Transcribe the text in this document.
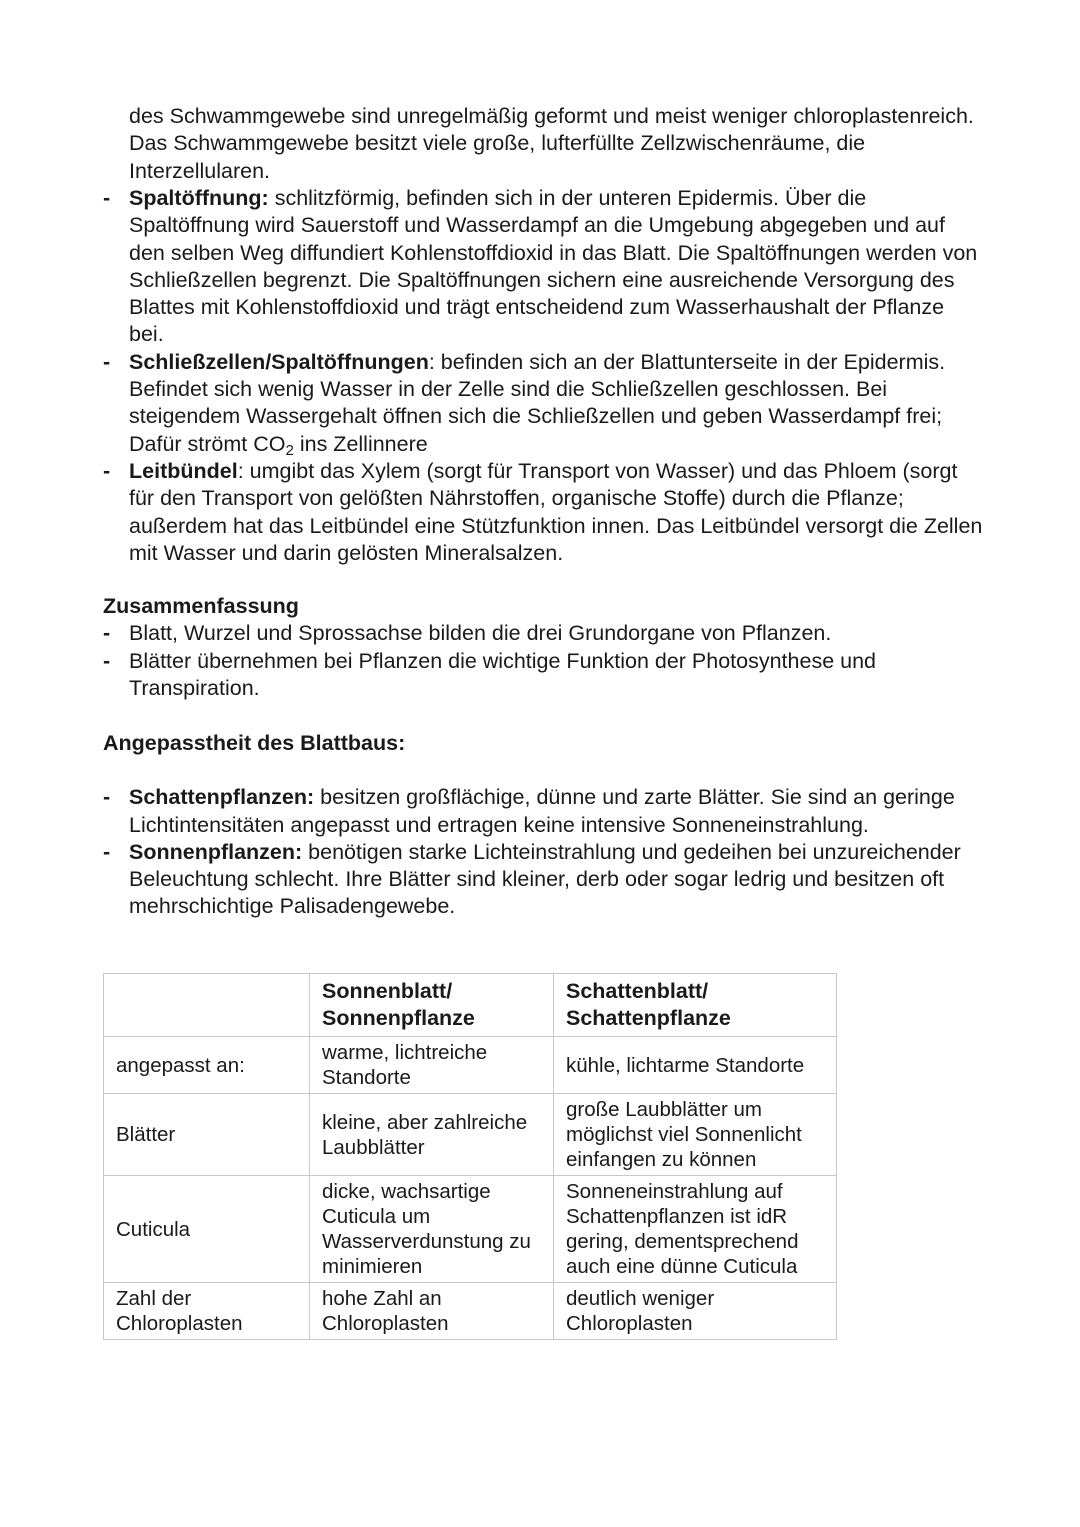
des Schwammgewebe sind unregelmäßig geformt und meist weniger chloroplastenreich. Das Schwammgewebe besitzt viele große, lufterfüllte Zellzwischenräume, die Interzellularen.
- Spaltöffnung: schlitzförmig, befinden sich in der unteren Epidermis. Über die Spaltöffnung wird Sauerstoff und Wasserdampf an die Umgebung abgegeben und auf den selben Weg diffundiert Kohlenstoffdioxid in das Blatt. Die Spaltöffnungen werden von Schließzellen begrenzt. Die Spaltöffnungen sichern eine ausreichende Versorgung des Blattes mit Kohlenstoffdioxid und trägt entscheidend zum Wasserhaushalt der Pflanze bei.
- Schließzellen/Spaltöffnungen: befinden sich an der Blattunterseite in der Epidermis. Befindet sich wenig Wasser in der Zelle sind die Schließzellen geschlossen. Bei steigendem Wassergehalt öffnen sich die Schließzellen und geben Wasserdampf frei; Dafür strömt $CO_2$ ins Zellinnere
- Leitbündel: umgibt das Xylem (sorgt für Transport von Wasser) und das Phloem (sorgt für den Transport von gelößten Nährstoffen, organische Stoffe) durch die Pflanze; außerdem hat das Leitbündel eine Stützfunktion innen. Das Leitbündel versorgt die Zellen mit Wasser und darin gelösten Mineralsalzen.
Zusammenfassung
- Blatt, Wurzel und Sprossachse bilden die drei Grundorgane von Pflanzen.
- Blätter übernehmen bei Pflanzen die wichtige Funktion der Photosynthese und Transpiration.
Angepasstheit des Blattbaus:
- Schattenpflanzen: besitzen großflächige, dünne und zarte Blätter. Sie sind an geringe Lichtintensitäten angepasst und ertragen keine intensive Sonneneinstrahlung.
- Sonnenpflanzen: benötigen starke Lichteinstrahlung und gedeihen bei unzureichender Beleuchtung schlecht. Ihre Blätter sind kleiner, derb oder sogar ledrig und besitzen oft mehrschichtige Palisadengewebe.
	Sonnenblatt/ Sonnenpflanze	Schattenblatt/ Schattenpflanze
angepasst an:	warme, lichtreiche Standorte	kühle, lichtarme Standorte
Blätter	kleine, aber zahlreiche Laubblätter	große Laubblätter um möglichst viel Sonnenlicht einfangen zu können
Cuticula	dicke, wachsartige Cuticula um Wasserverdunstung zu minimieren	Sonneneinstrahlung auf Schattenpflanzen ist idR gering, dementsprechend auch eine dünne Cuticula
Zahl der Chloroplasten	hohe Zahl an Chloroplasten	deutlich weniger Chloroplasten
